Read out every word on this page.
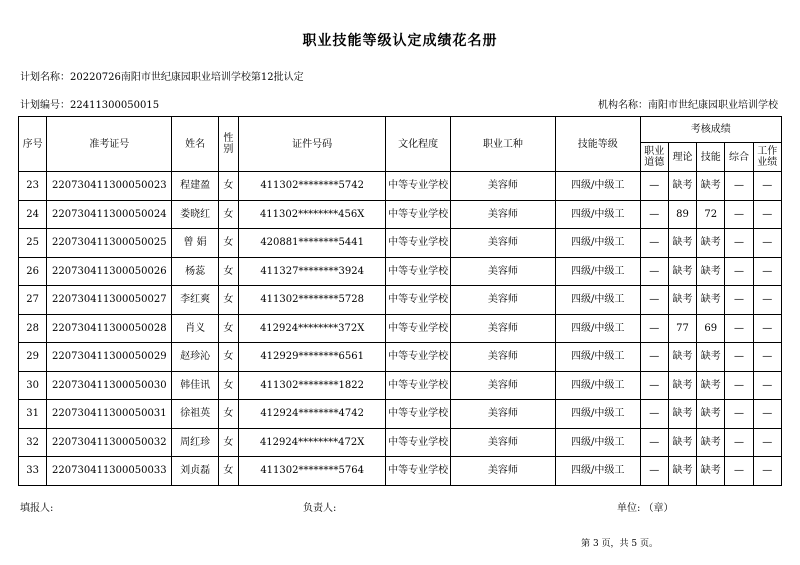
职业技能等级认定成绩花名册
计划名称：20220726南阳市世纪康园职业培训学校第12批认定
计划编号：22411300050015	机构名称：南阳市世纪康园职业培训学校
序号	准考证号	姓名	性别	证件号码	文化程度	职业工种	技能等级	考核成绩				
								职业道德	理论	技能	综合	工作业绩
23	220730411300050023	程建盈	女	411302********5742	中等专业学校	美容师	四级/中级工	—	缺考	缺考	—	—
24	220730411300050024	娄晓红	女	411302********456X	中等专业学校	美容师	四级/中级工	—	89	72	—	—
25	220730411300050025	曾 娟	女	420881********5441	中等专业学校	美容师	四级/中级工	—	缺考	缺考	—	—
26	220730411300050026	杨蕊	女	411327********3924	中等专业学校	美容师	四级/中级工	—	缺考	缺考	—	—
27	220730411300050027	李红爽	女	411302********5728	中等专业学校	美容师	四级/中级工	—	缺考	缺考	—	—
28	220730411300050028	肖义	女	412924********372X	中等专业学校	美容师	四级/中级工	—	77	69	—	—
29	220730411300050029	赵珍沁	女	412929********6561	中等专业学校	美容师	四级/中级工	—	缺考	缺考	—	—
30	220730411300050030	韩佳讯	女	411302********1822	中等专业学校	美容师	四级/中级工	—	缺考	缺考	—	—
31	220730411300050031	徐祖英	女	412924********4742	中等专业学校	美容师	四级/中级工	—	缺考	缺考	—	—
32	220730411300050032	周红珍	女	412924********472X	中等专业学校	美容师	四级/中级工	—	缺考	缺考	—	—
33	220730411300050033	刘贞磊	女	411302********5764	中等专业学校	美容师	四级/中级工	—	缺考	缺考	—	—
填报人:	负责人:	单位: （章）
第 3 页，共 5 页。
